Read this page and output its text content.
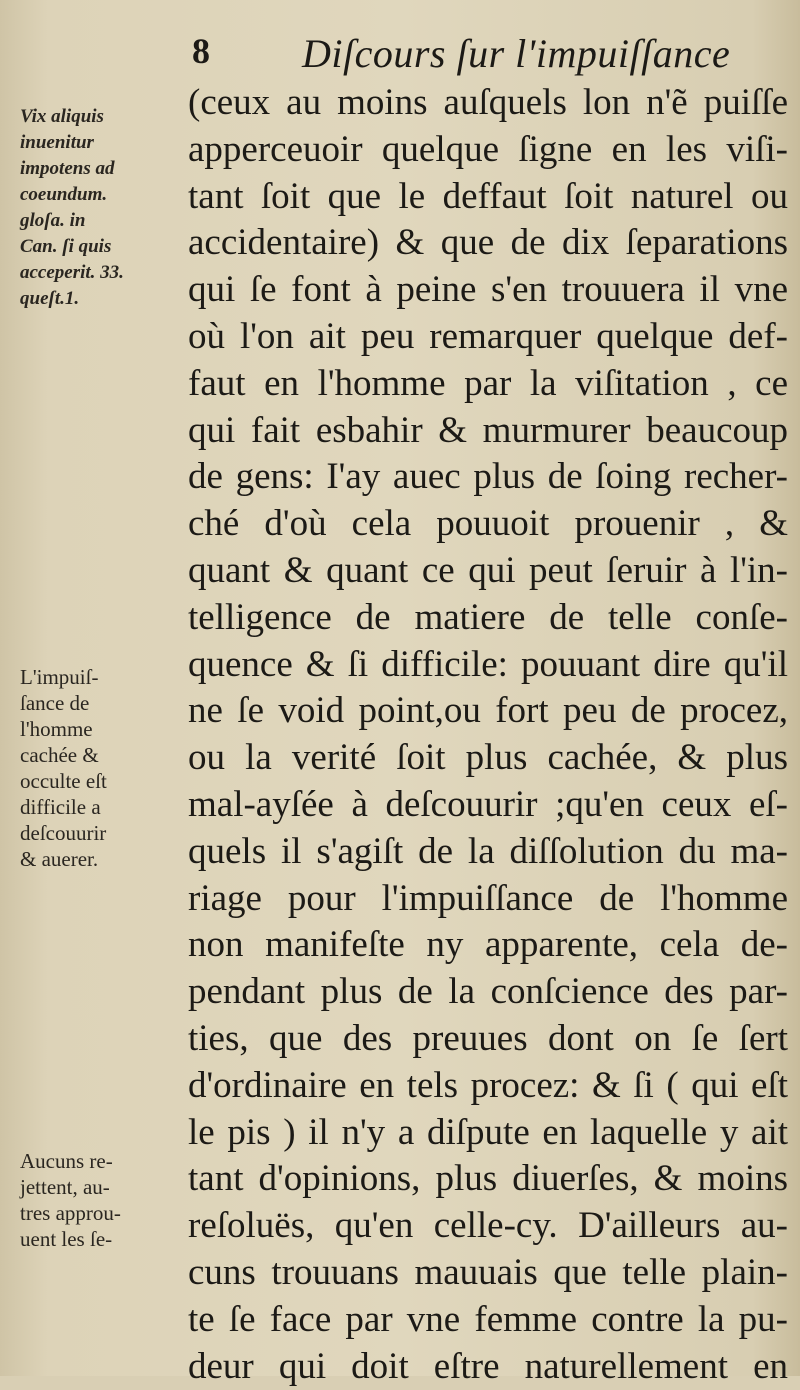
8 Diſcours ſur l'impuiſſance
Vix aliquis
inuenitur
impotens ad
coeundum.
gloſa. in
Can. ſi quis
acceperit. 33.
queſt.1.
L'impuiſ-
ſance de
l'homme
cachée &
occulte eſt
difficile a
deſcouurir
& auerer.
Aucuns re-
jettent, au-
tres approu-
uent les ſe-
(ceux au moins auſquels lon n'ẽ puiſſe
apperceuoir quelque ſigne en les viſi-
tant ſoit que le deffaut ſoit naturel ou
accidentaire) & que de dix ſeparations
qui ſe font à peine s'en trouuera il vne
où l'on ait peu remarquer quelque def-
faut en l'homme par la viſitation , ce
qui fait esbahir & murmurer beaucoup
de gens: I'ay auec plus de ſoing recher-
ché d'où cela pouuoit prouenir , &
quant & quant ce qui peut ſeruir à l'in-
telligence de matiere de telle conſe-
quence & ſi difficile: pouuant dire qu'il
ne ſe void point,ou fort peu de procez,
ou la verité ſoit plus cachée, & plus
mal-ayſée à deſcouurir ;qu'en ceux eſ-
quels il s'agiſt de la diſſolution du ma-
riage pour l'impuiſſance de l'homme
non manifeſte ny apparente, cela de-
pendant plus de la conſcience des par-
ties, que des preuues dont on ſe ſert
d'ordinaire en tels procez: & ſi ( qui eſt
le pis ) il n'y a diſpute en laquelle y ait
tant d'opinions, plus diuerſes, & moins
reſoluës, qu'en celle-cy. D'ailleurs au-
cuns trouuans mauuais que telle plain-
te ſe face par vne femme contre la pu-
deur qui doit eſtre naturellement en
